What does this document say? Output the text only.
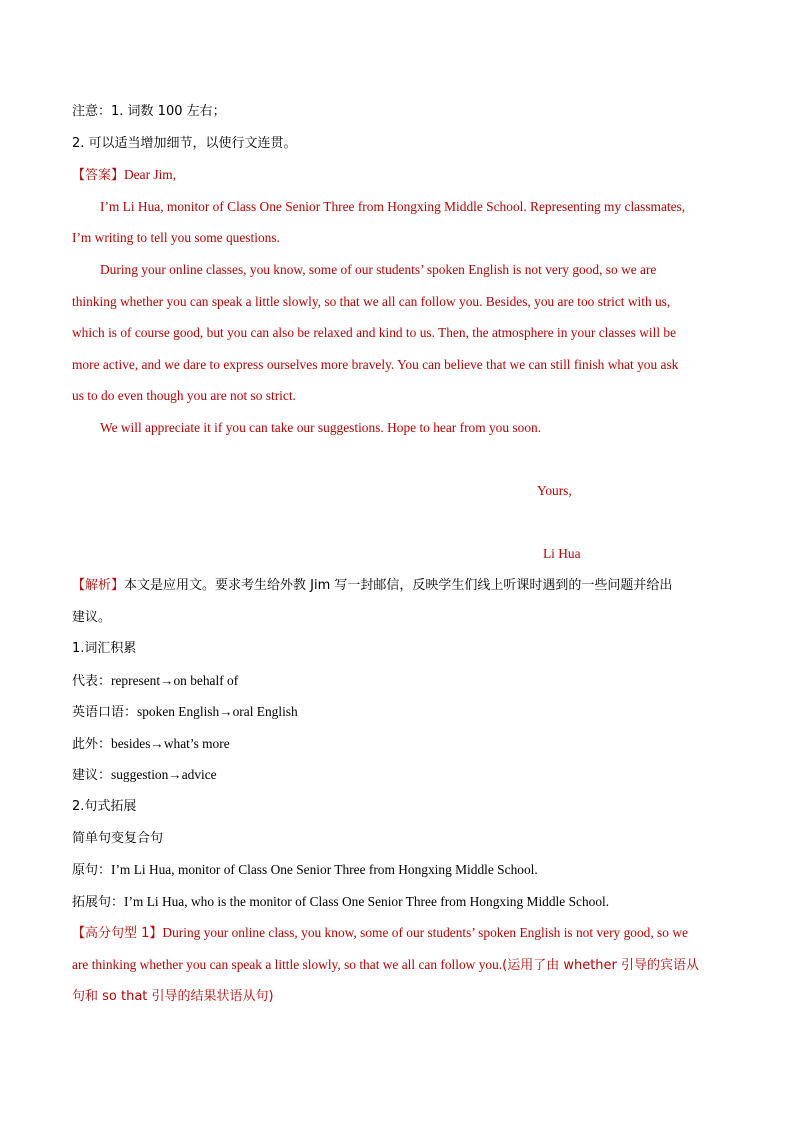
注意：1. 词数 100 左右；
2. 可以适当增加细节，以使行文连贯。
【答案】Dear Jim,
I’m Li Hua, monitor of Class One Senior Three from Hongxing Middle School. Representing my classmates,
I’m writing to tell you some questions.
During your online classes, you know, some of our students’ spoken English is not very good, so we are
thinking whether you can speak a little slowly, so that we all can follow you. Besides, you are too strict with us,
which is of course good, but you can also be relaxed and kind to us. Then, the atmosphere in your classes will be
more active, and we dare to express ourselves more bravely. You can believe that we can still finish what you ask
us to do even though you are not so strict.
We will appreciate it if you can take our suggestions. Hope to hear from you soon.
Yours,
Li Hua
【解析】本文是应用文。要求考生给外教 Jim 写一封邮信，反映学生们线上听课时遇到的一些问题并给出
建议。
1.词汇积累
代表：represent→on behalf of
英语口语：spoken English→oral English
此外：besides→what’s more
建议：suggestion→advice
2.句式拓展
简单句变复合句
原句：I’m Li Hua, monitor of Class One Senior Three from Hongxing Middle School.
拓展句：I’m Li Hua, who is the monitor of Class One Senior Three from Hongxing Middle School.
【高分句型 1】During your online class, you know, some of our students’ spoken English is not very good, so we
are thinking whether you can speak a little slowly, so that we all can follow you.(运用了由 whether 引导的宾语从
句和 so that 引导的结果状语从句)
